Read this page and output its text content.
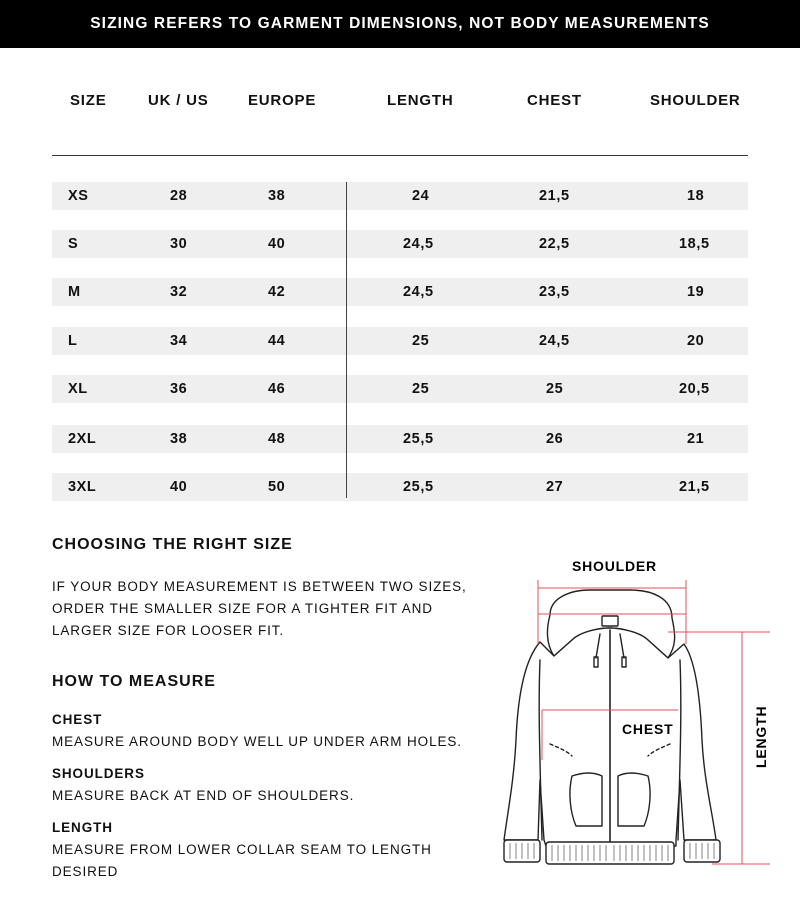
SIZING REFERS TO GARMENT DIMENSIONS, NOT BODY MEASUREMENTS
SIZE	UK / US	EUROPE	LENGTH	CHEST	SHOULDER
XS	28	38	24	21,5	18
S	30	40	24,5	22,5	18,5
M	32	42	24,5	23,5	19
L	34	44	25	24,5	20
XL	36	46	25	25	20,5
2XL	38	48	25,5	26	21
3XL	40	50	25,5	27	21,5
CHOOSING THE RIGHT SIZE
IF YOUR BODY MEASUREMENT IS BETWEEN TWO SIZES,
ORDER THE SMALLER SIZE FOR A TIGHTER FIT AND
LARGER SIZE FOR LOOSER FIT.
HOW TO MEASURE
CHEST
MEASURE AROUND BODY WELL UP UNDER ARM HOLES.
SHOULDERS
MEASURE BACK AT END OF SHOULDERS.
LENGTH
MEASURE FROM LOWER COLLAR SEAM TO LENGTH
DESIRED
SHOULDER
CHEST	LENGTH
